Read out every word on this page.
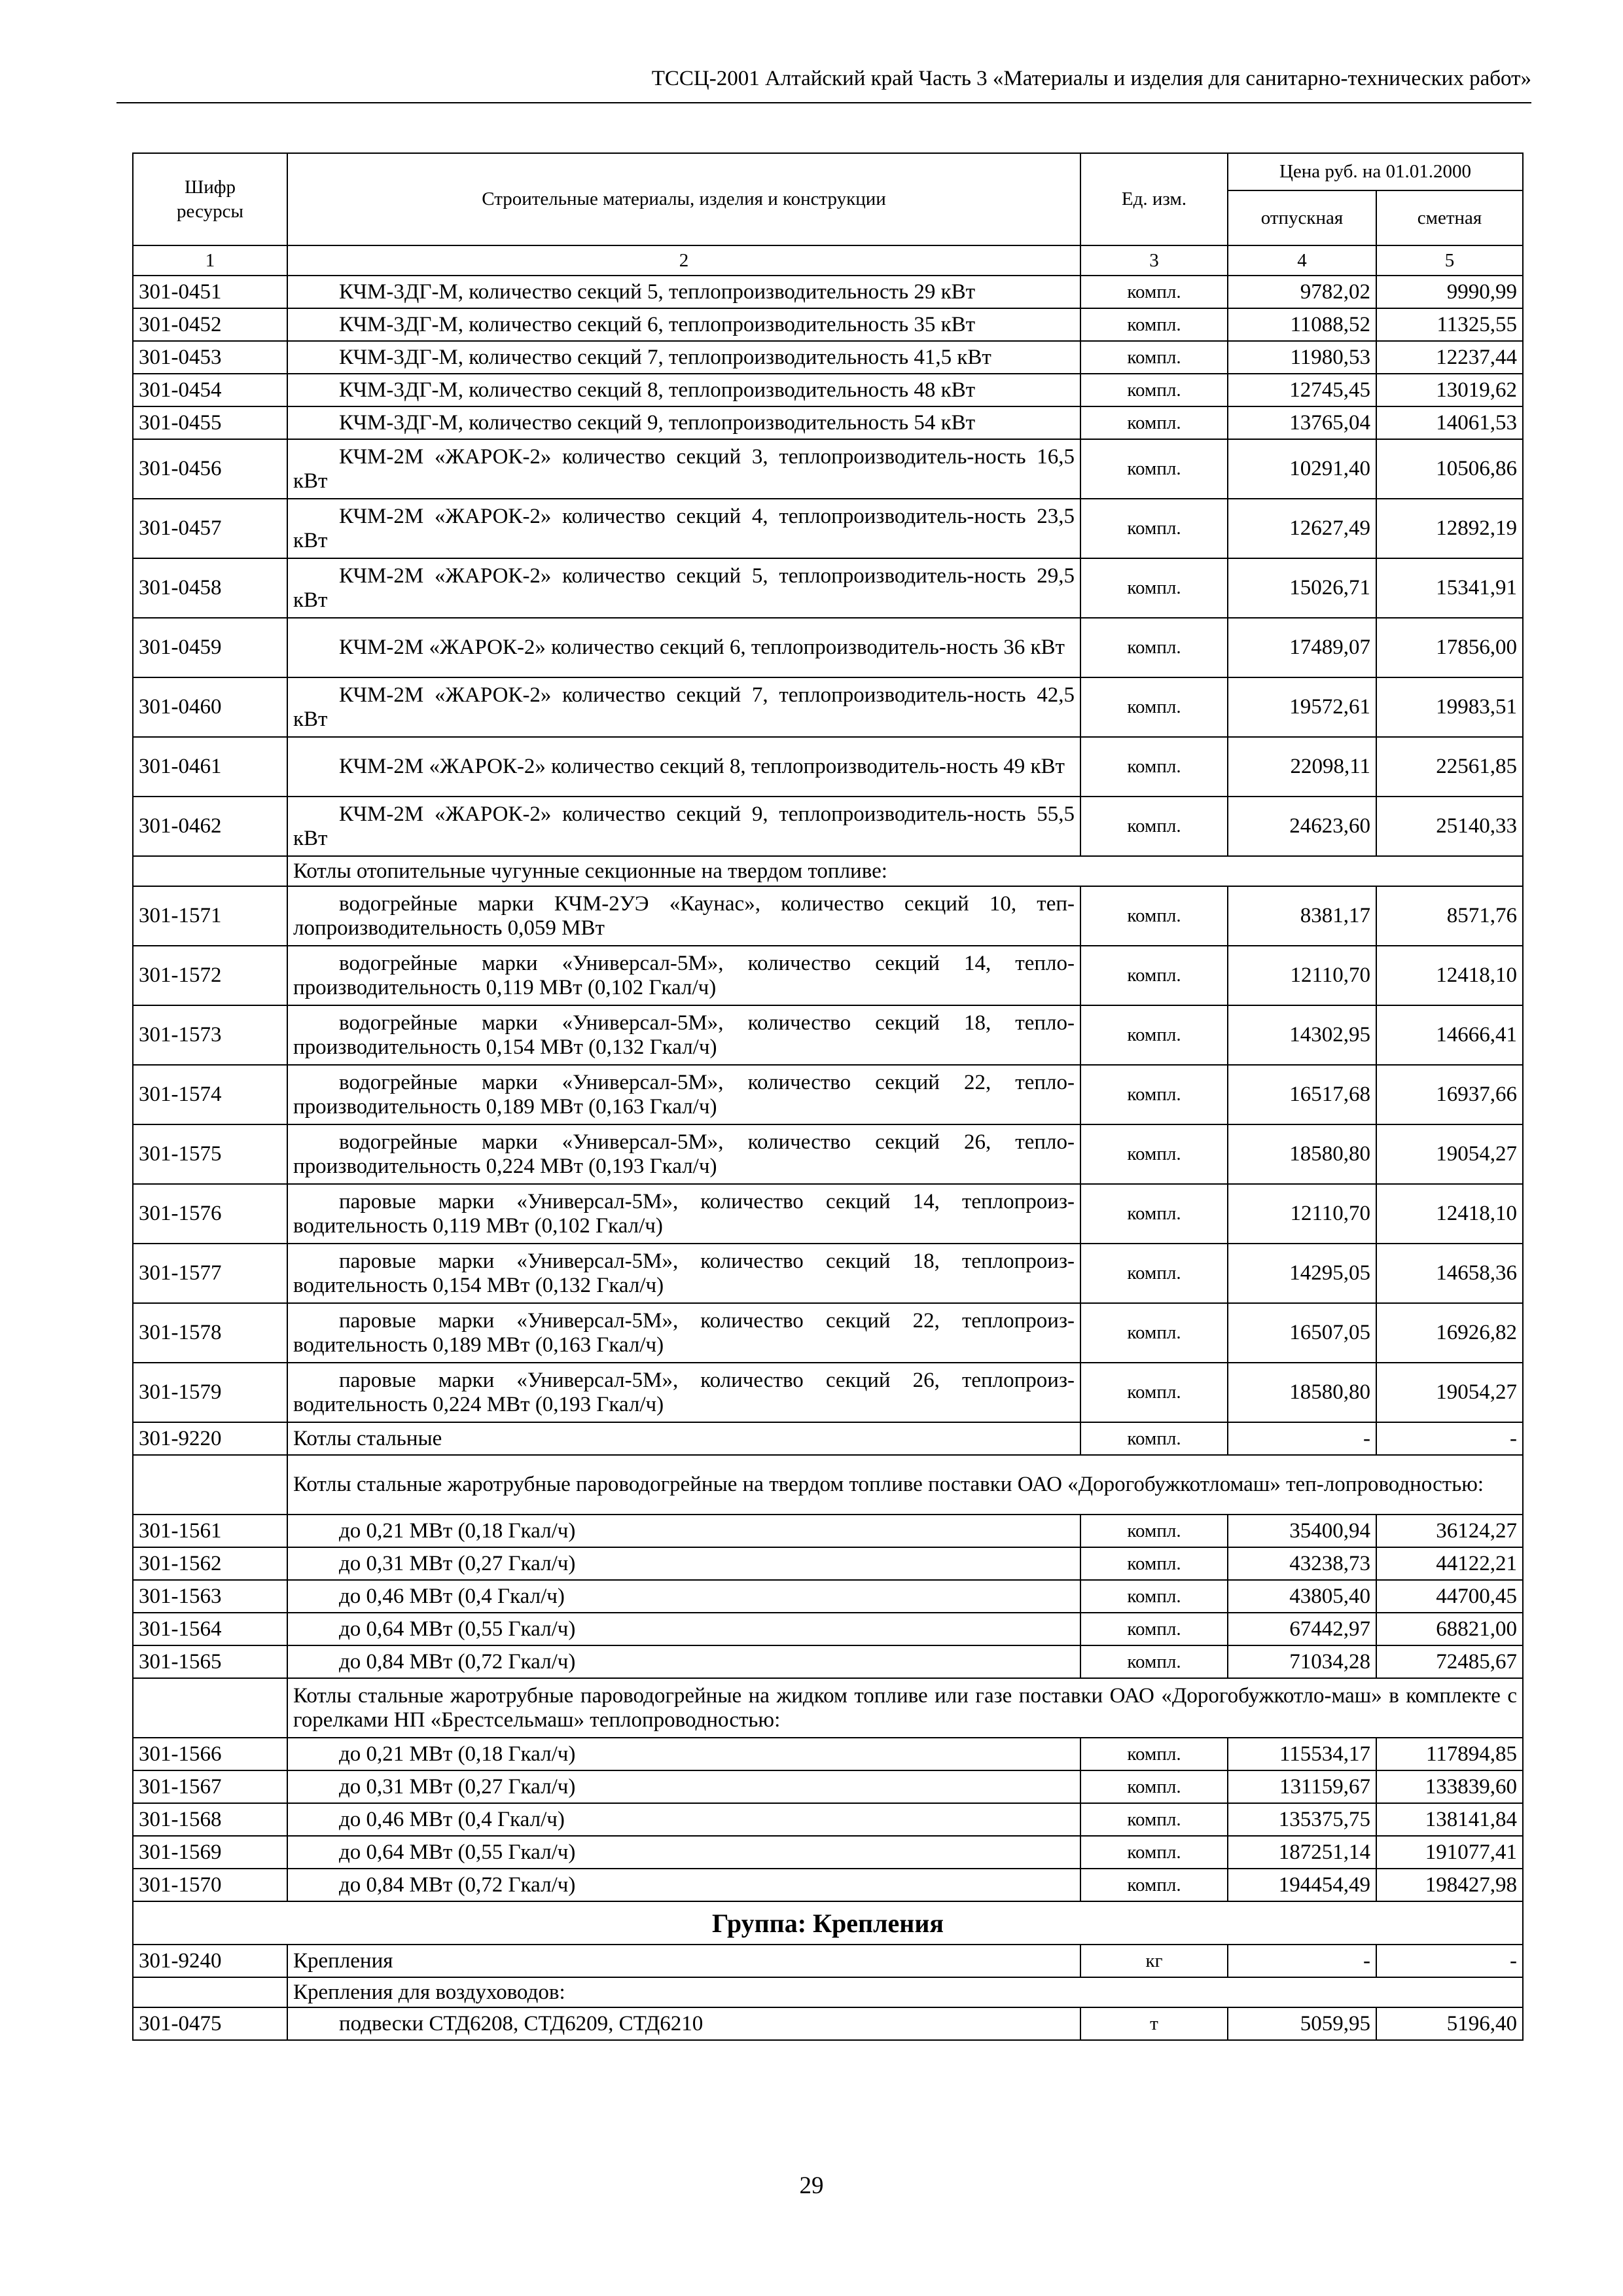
ТССЦ-2001 Алтайский край Часть 3 «Материалы и изделия для санитарно-технических работ»
Шифр ресурсы	Строительные материалы, изделия и конструкции	Ед. изм.	Цена руб. на 01.01.2000	
			отпускная	сметная
1	2	3	4	5
301-0451	КЧМ-3ДГ-М, количество секций 5, теплопроизводительность 29 кВт	компл.	9782,02	9990,99
301-0452	КЧМ-3ДГ-М, количество секций 6, теплопроизводительность 35 кВт	компл.	11088,52	11325,55
301-0453	КЧМ-3ДГ-М, количество секций 7, теплопроизводительность 41,5 кВт	компл.	11980,53	12237,44
301-0454	КЧМ-3ДГ-М, количество секций 8, теплопроизводительность 48 кВт	компл.	12745,45	13019,62
301-0455	КЧМ-3ДГ-М, количество секций 9, теплопроизводительность 54 кВт	компл.	13765,04	14061,53
301-0456	КЧМ-2М «ЖАРОК-2» количество секций 3, теплопроизводитель-ность 16,5 кВт	компл.	10291,40	10506,86
301-0457	КЧМ-2М «ЖАРОК-2» количество секций 4, теплопроизводитель-ность 23,5 кВт	компл.	12627,49	12892,19
301-0458	КЧМ-2М «ЖАРОК-2» количество секций 5, теплопроизводитель-ность 29,5 кВт	компл.	15026,71	15341,91
301-0459	КЧМ-2М «ЖАРОК-2» количество секций 6, теплопроизводитель-ность 36 кВт	компл.	17489,07	17856,00
301-0460	КЧМ-2М «ЖАРОК-2» количество секций 7, теплопроизводитель-ность 42,5 кВт	компл.	19572,61	19983,51
301-0461	КЧМ-2М «ЖАРОК-2» количество секций 8, теплопроизводитель-ность 49 кВт	компл.	22098,11	22561,85
301-0462	КЧМ-2М «ЖАРОК-2» количество секций 9, теплопроизводитель-ность 55,5 кВт	компл.	24623,60	25140,33
	Котлы отопительные чугунные секционные на твердом топливе:			
301-1571	водогрейные марки КЧМ-2УЭ «Каунас», количество секций 10, теп-лопроизводительность 0,059 МВт	компл.	8381,17	8571,76
301-1572	водогрейные марки «Универсал-5М», количество секций 14, тепло-производительность 0,119 МВт (0,102 Гкал/ч)	компл.	12110,70	12418,10
301-1573	водогрейные марки «Универсал-5М», количество секций 18, тепло-производительность 0,154 МВт (0,132 Гкал/ч)	компл.	14302,95	14666,41
301-1574	водогрейные марки «Универсал-5М», количество секций 22, тепло-производительность 0,189 МВт (0,163 Гкал/ч)	компл.	16517,68	16937,66
301-1575	водогрейные марки «Универсал-5М», количество секций 26, тепло-производительность 0,224 МВт (0,193 Гкал/ч)	компл.	18580,80	19054,27
301-1576	паровые марки «Универсал-5М», количество секций 14, теплопроиз-водительность 0,119 МВт (0,102 Гкал/ч)	компл.	12110,70	12418,10
301-1577	паровые марки «Универсал-5М», количество секций 18, теплопроиз-водительность 0,154 МВт (0,132 Гкал/ч)	компл.	14295,05	14658,36
301-1578	паровые марки «Универсал-5М», количество секций 22, теплопроиз-водительность 0,189 МВт (0,163 Гкал/ч)	компл.	16507,05	16926,82
301-1579	паровые марки «Универсал-5М», количество секций 26, теплопроиз-водительность 0,224 МВт (0,193 Гкал/ч)	компл.	18580,80	19054,27
301-9220	Котлы стальные	компл.	-	-
	Котлы стальные жаротрубные пароводогрейные на твердом топливе поставки ОАО «Дорогобужкотломаш» теп-лопроводностью:			
301-1561	до 0,21 МВт (0,18 Гкал/ч)	компл.	35400,94	36124,27
301-1562	до 0,31 МВт (0,27 Гкал/ч)	компл.	43238,73	44122,21
301-1563	до 0,46 МВт (0,4 Гкал/ч)	компл.	43805,40	44700,45
301-1564	до 0,64 МВт (0,55 Гкал/ч)	компл.	67442,97	68821,00
301-1565	до 0,84 МВт (0,72 Гкал/ч)	компл.	71034,28	72485,67
	Котлы стальные жаротрубные пароводогрейные на жидком топливе или газе поставки ОАО «Дорогобужкотло-маш» в комплекте с горелками НП «Брестсельмаш» теплопроводностью:			
301-1566	до 0,21 МВт (0,18 Гкал/ч)	компл.	115534,17	117894,85
301-1567	до 0,31 МВт (0,27 Гкал/ч)	компл.	131159,67	133839,60
301-1568	до 0,46 МВт (0,4 Гкал/ч)	компл.	135375,75	138141,84
301-1569	до 0,64 МВт (0,55 Гкал/ч)	компл.	187251,14	191077,41
301-1570	до 0,84 МВт (0,72 Гкал/ч)	компл.	194454,49	198427,98
Группа: Крепления				
301-9240	Крепления	кг	-	-
	Крепления для воздуховодов:			
301-0475	подвески СТД6208, СТД6209, СТД6210	т	5059,95	5196,40
29
